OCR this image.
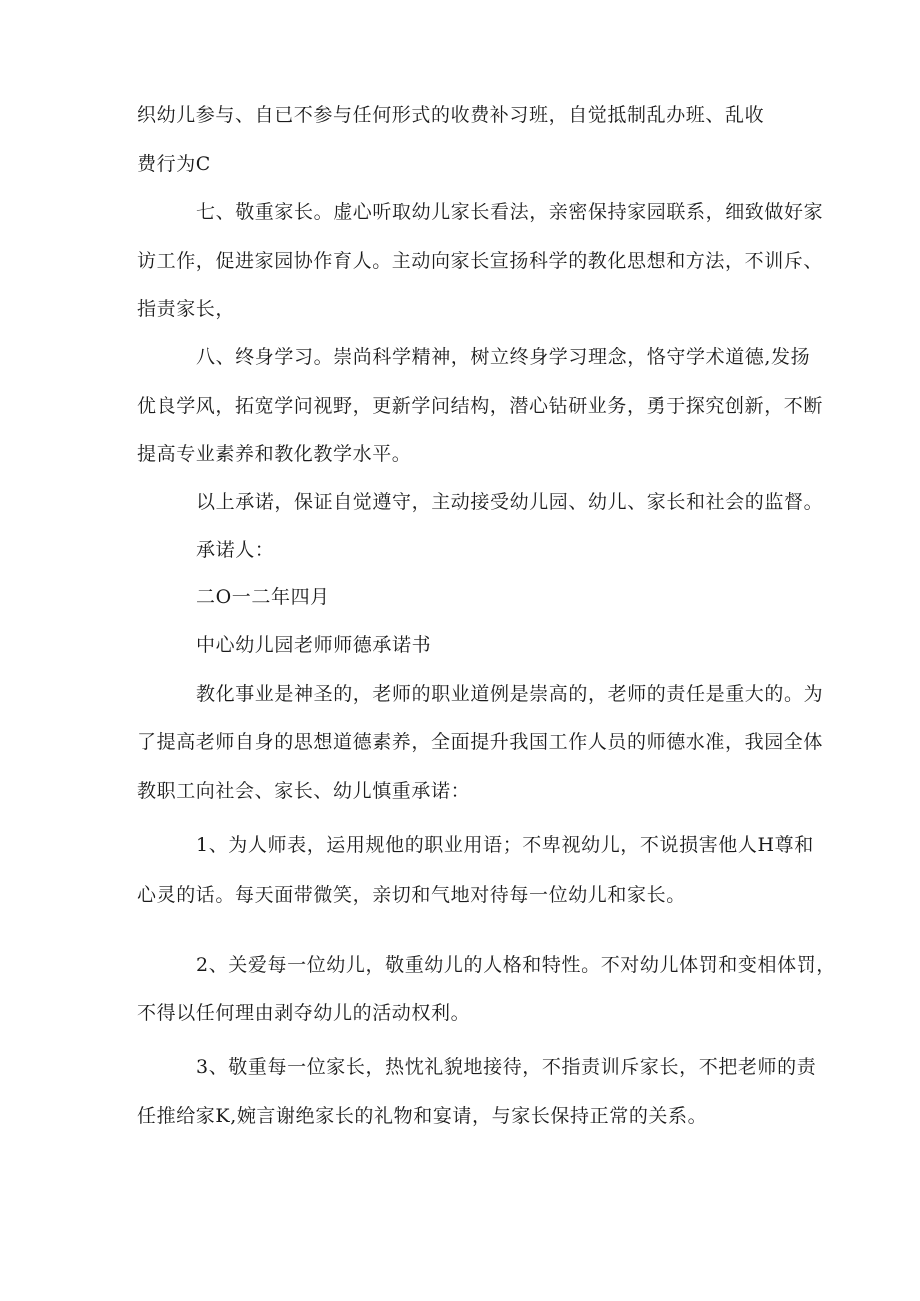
织幼儿参与、自已不参与任何形式的收费补习班，自觉抵制乱办班、乱收
费行为C
七、敬重家长。虚心听取幼儿家长看法，亲密保持家园联系，细致做好家
访工作，促进家园协作育人。主动向家长宣扬科学的教化思想和方法，不训斥、
指责家长，
八、终身学习。崇尚科学精神，树立终身学习理念，恪守学术道德,发扬
优良学风，拓宽学问视野，更新学问结构，潜心钻研业务，勇于探究创新，不断
提高专业素养和教化教学水平。
以上承诺，保证自觉遵守，主动接受幼儿园、幼儿、家长和社会的监督。
承诺人：
二O一二年四月
中心幼儿园老师师德承诺书
教化事业是神圣的，老师的职业道例是崇高的，老师的责任是重大的。为
了提高老师自身的思想道德素养，全面提升我国工作人员的师德水准，我园全体
教职工向社会、家长、幼儿慎重承诺：
1、为人师表，运用规他的职业用语；不卑视幼儿，不说损害他人H尊和
心灵的话。每天面带微笑，亲切和气地对待每一位幼儿和家长。
2、关爱每一位幼儿，敬重幼儿的人格和特性。不对幼儿体罚和变相体罚，
不得以任何理由剥夺幼儿的活动权利。
3、敬重每一位家长，热忱礼貌地接待，不指责训斥家长，不把老师的责
任推给家K,婉言谢绝家长的礼物和宴请，与家长保持正常的关系。
